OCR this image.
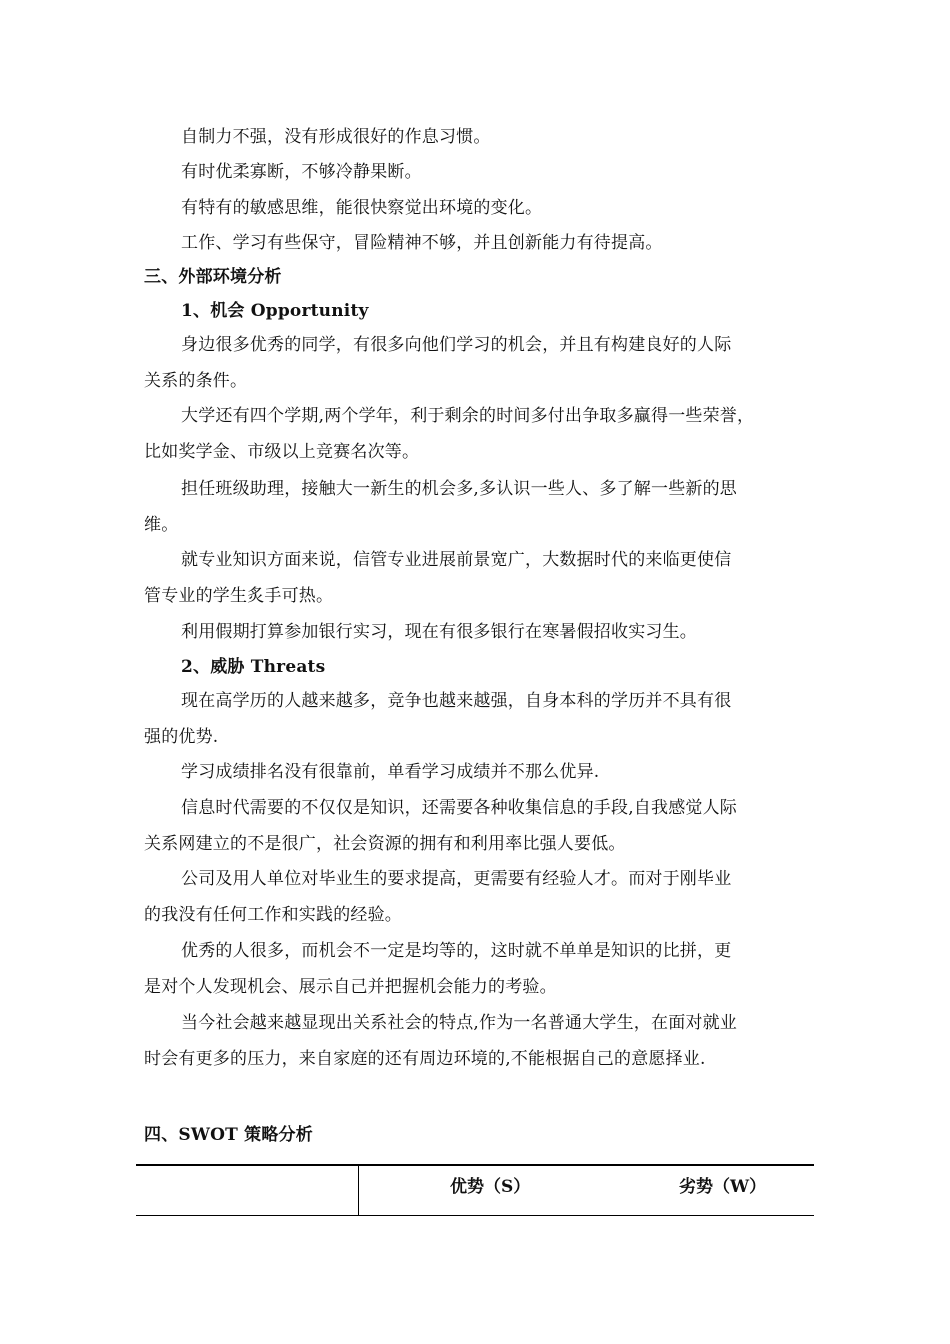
自制力不强，没有形成很好的作息习惯。
有时优柔寡断，不够冷静果断。
有特有的敏感思维，能很快察觉出环境的变化。
工作、学习有些保守，冒险精神不够，并且创新能力有待提高。
三、外部环境分析
1、机会 Opportunity
身边很多优秀的同学，有很多向他们学习的机会，并且有构建良好的人际
关系的条件。
大学还有四个学期,两个学年，利于剩余的时间多付出争取多赢得一些荣誉，
比如奖学金、市级以上竞赛名次等。
担任班级助理，接触大一新生的机会多,多认识一些人、多了解一些新的思
维。
就专业知识方面来说，信管专业进展前景宽广，大数据时代的来临更使信
管专业的学生炙手可热。
利用假期打算参加银行实习，现在有很多银行在寒暑假招收实习生。
2、威胁 Threats
现在高学历的人越来越多，竞争也越来越强，自身本科的学历并不具有很
强的优势.
学习成绩排名没有很靠前，单看学习成绩并不那么优异.
信息时代需要的不仅仅是知识，还需要各种收集信息的手段,自我感觉人际
关系网建立的不是很广，社会资源的拥有和利用率比强人要低。
公司及用人单位对毕业生的要求提高，更需要有经验人才。而对于刚毕业
的我没有任何工作和实践的经验。
优秀的人很多，而机会不一定是均等的，这时就不单单是知识的比拼，更
是对个人发现机会、展示自己并把握机会能力的考验。
当今社会越来越显现出关系社会的特点,作为一名普通大学生，在面对就业
时会有更多的压力，来自家庭的还有周边环境的,不能根据自己的意愿择业.
四、SWOT 策略分析
优势（S）	劣势（W）
